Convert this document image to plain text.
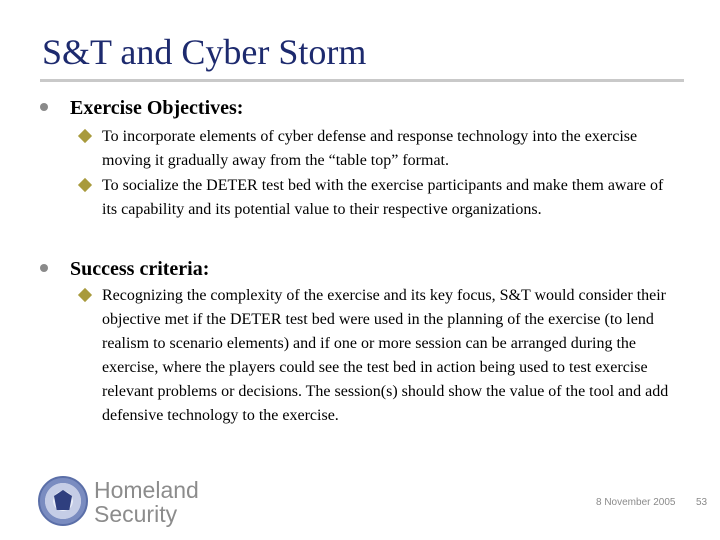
S&T and Cyber Storm
Exercise Objectives:
To incorporate elements of cyber defense and response technology into the exercise moving it gradually away from the “table top” format.
To socialize the DETER test bed with the exercise participants and make them aware of its capability and its potential value to their respective organizations.
Success criteria:
Recognizing the complexity of the exercise and its key focus, S&T would consider their objective met if the DETER test bed were used in the planning of the exercise (to lend realism to scenario elements) and if one or more session can be arranged during the exercise, where the players could see the test bed in action being used to test exercise relevant problems or decisions. The session(s) should show the value of the tool and add defensive technology to the exercise.
Homeland
Security	8 November 2005 53
